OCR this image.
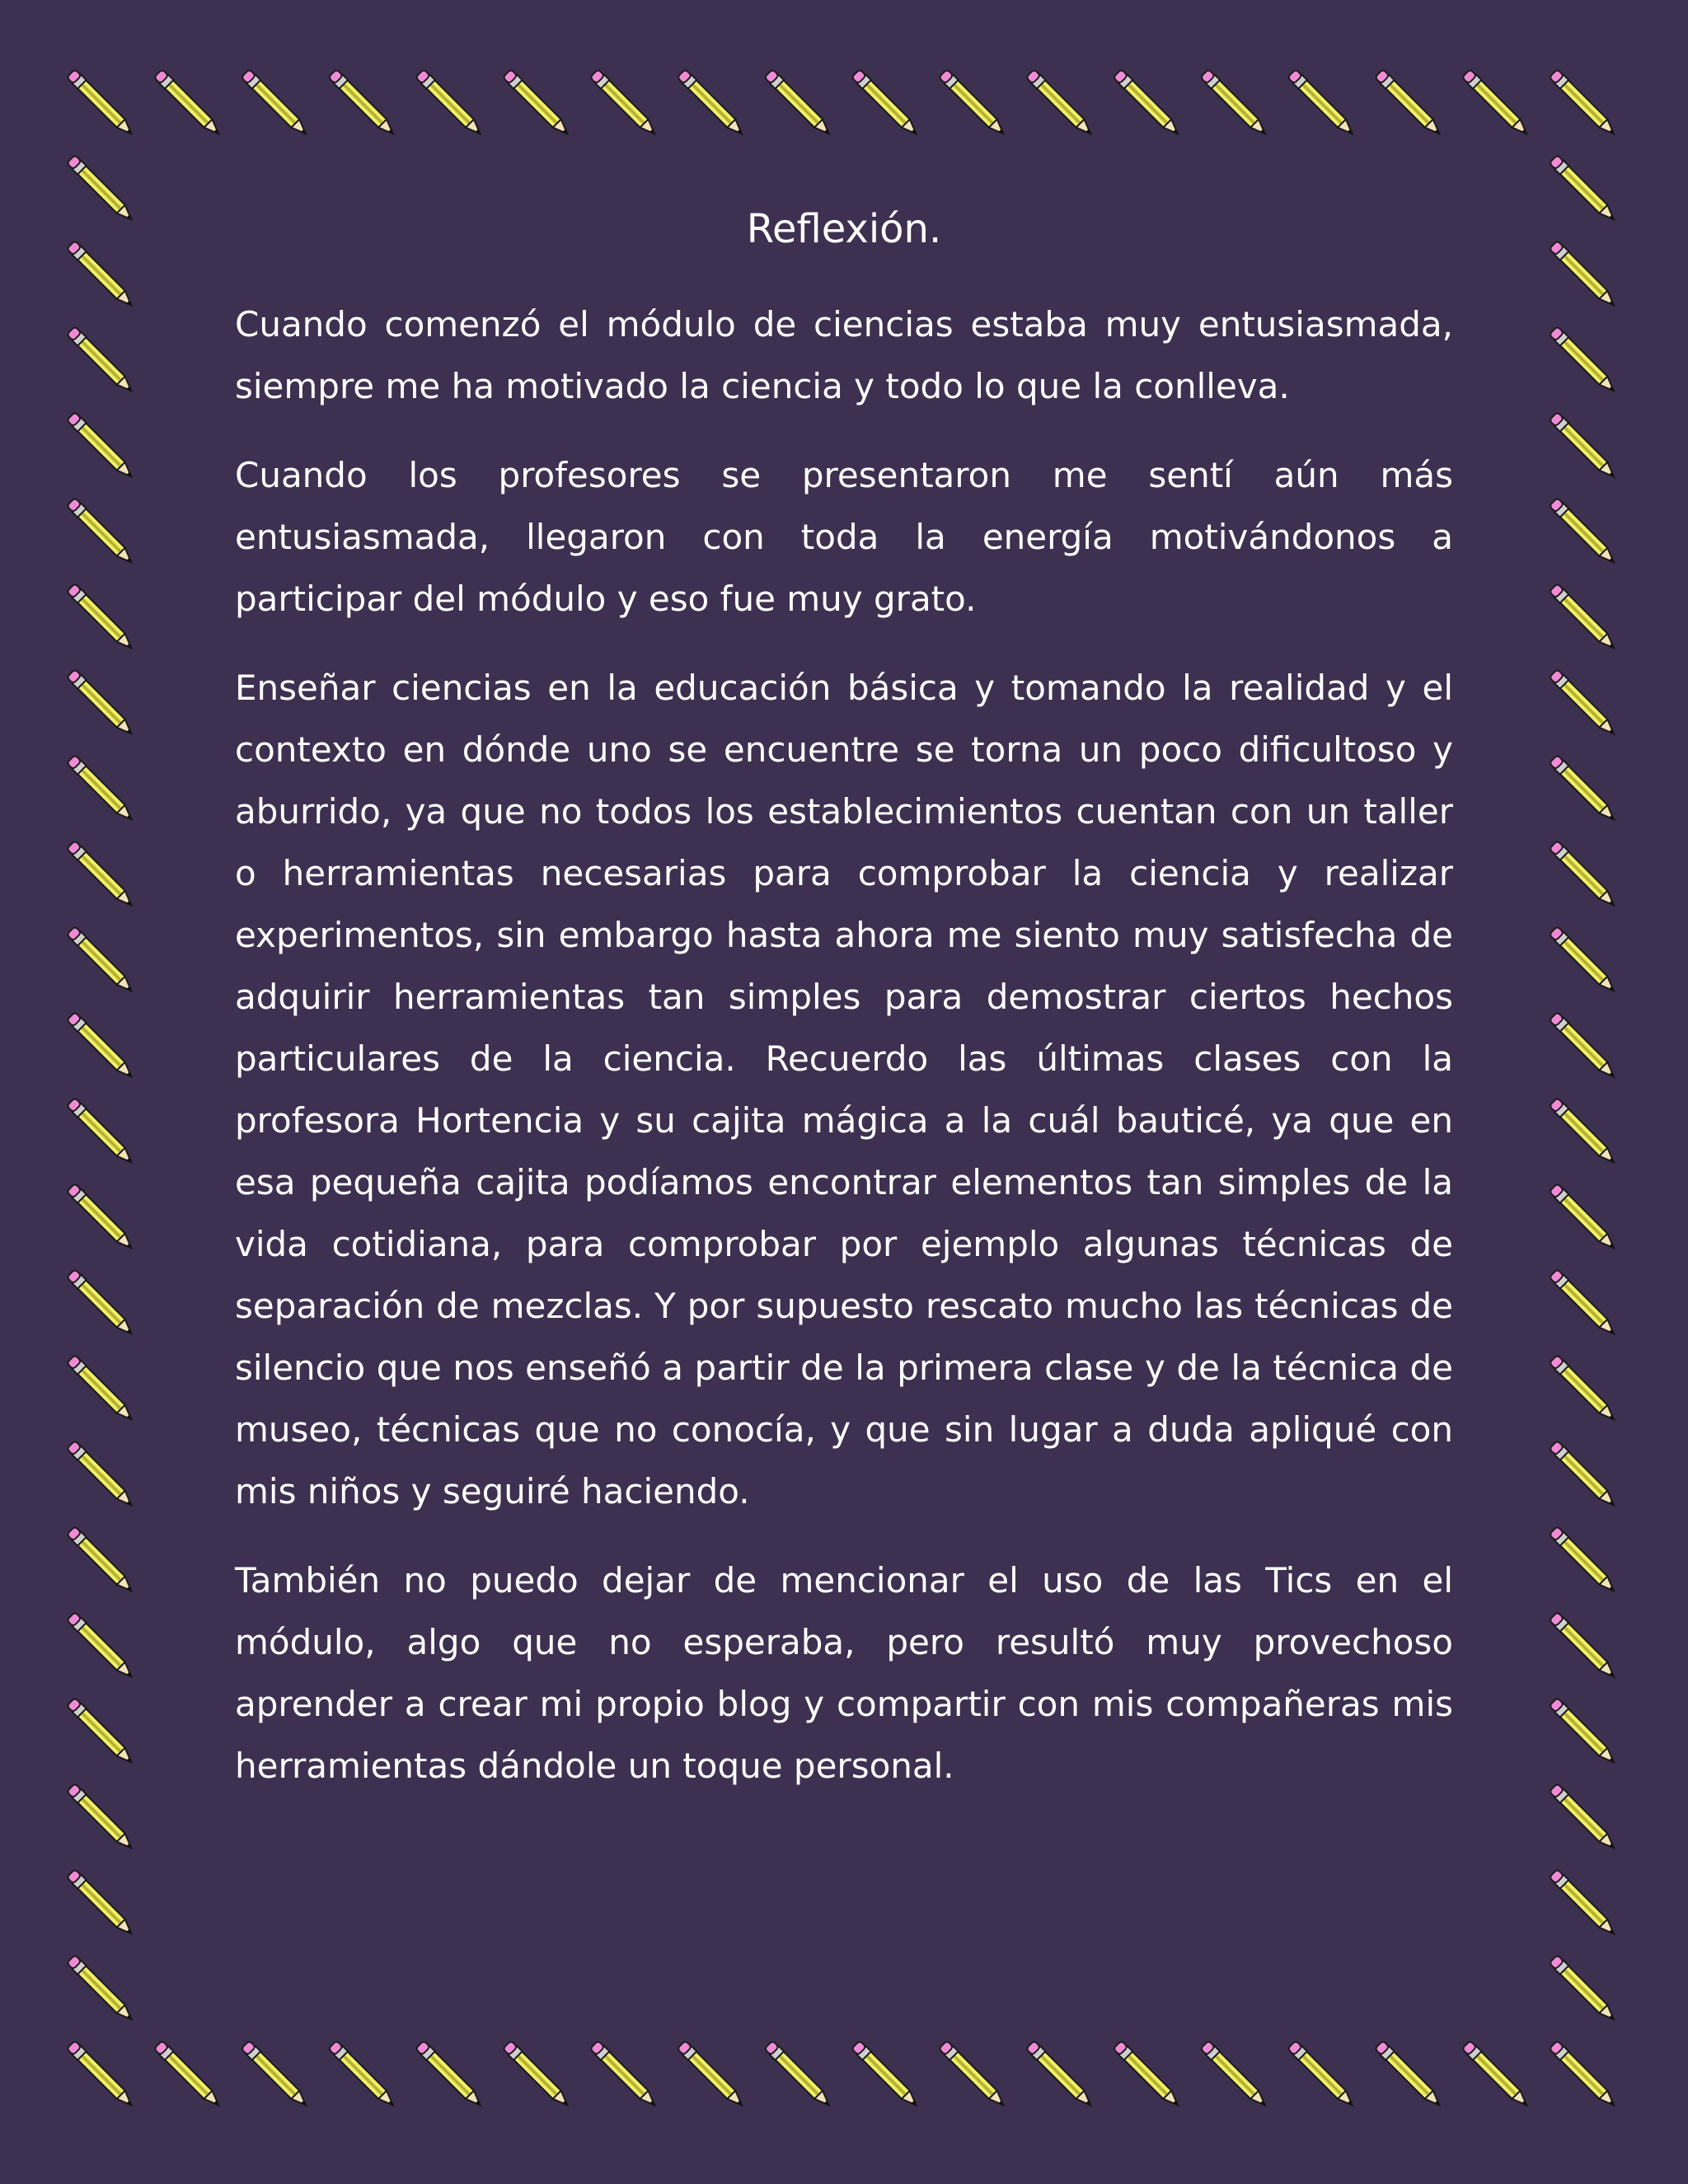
Reflexión.

Cuando comenzó el módulo de ciencias estaba muy entusiasmada, siempre me ha motivado la ciencia y todo lo que la conlleva.

Cuando los profesores se presentaron me sentí aún más entusiasmada, llegaron con toda la energía motivándonos a participar del módulo y eso fue muy grato.

Enseñar ciencias en la educación básica y tomando la realidad y el contexto en dónde uno se encuentre se torna un poco dificultoso y aburrido, ya que no todos los establecimientos cuentan con un taller o herramientas necesarias para comprobar la ciencia y realizar experimentos, sin embargo hasta ahora me siento muy satisfecha de adquirir herramientas tan simples para demostrar ciertos hechos particulares de la ciencia. Recuerdo las últimas clases con la profesora Hortencia y su cajita mágica a la cuál bauticé, ya que en esa pequeña cajita podíamos encontrar elementos tan simples de la vida cotidiana, para comprobar por ejemplo algunas técnicas de separación de mezclas. Y por supuesto rescato mucho las técnicas de silencio que nos enseñó a partir de la primera clase y de la técnica de museo, técnicas que no conocía, y que sin lugar a duda apliqué con mis niños y seguiré haciendo.

También no puedo dejar de mencionar el uso de las Tics en el módulo, algo que no esperaba, pero resultó muy provechoso aprender a crear mi propio blog y compartir con mis compañeras mis herramientas dándole un toque personal.
